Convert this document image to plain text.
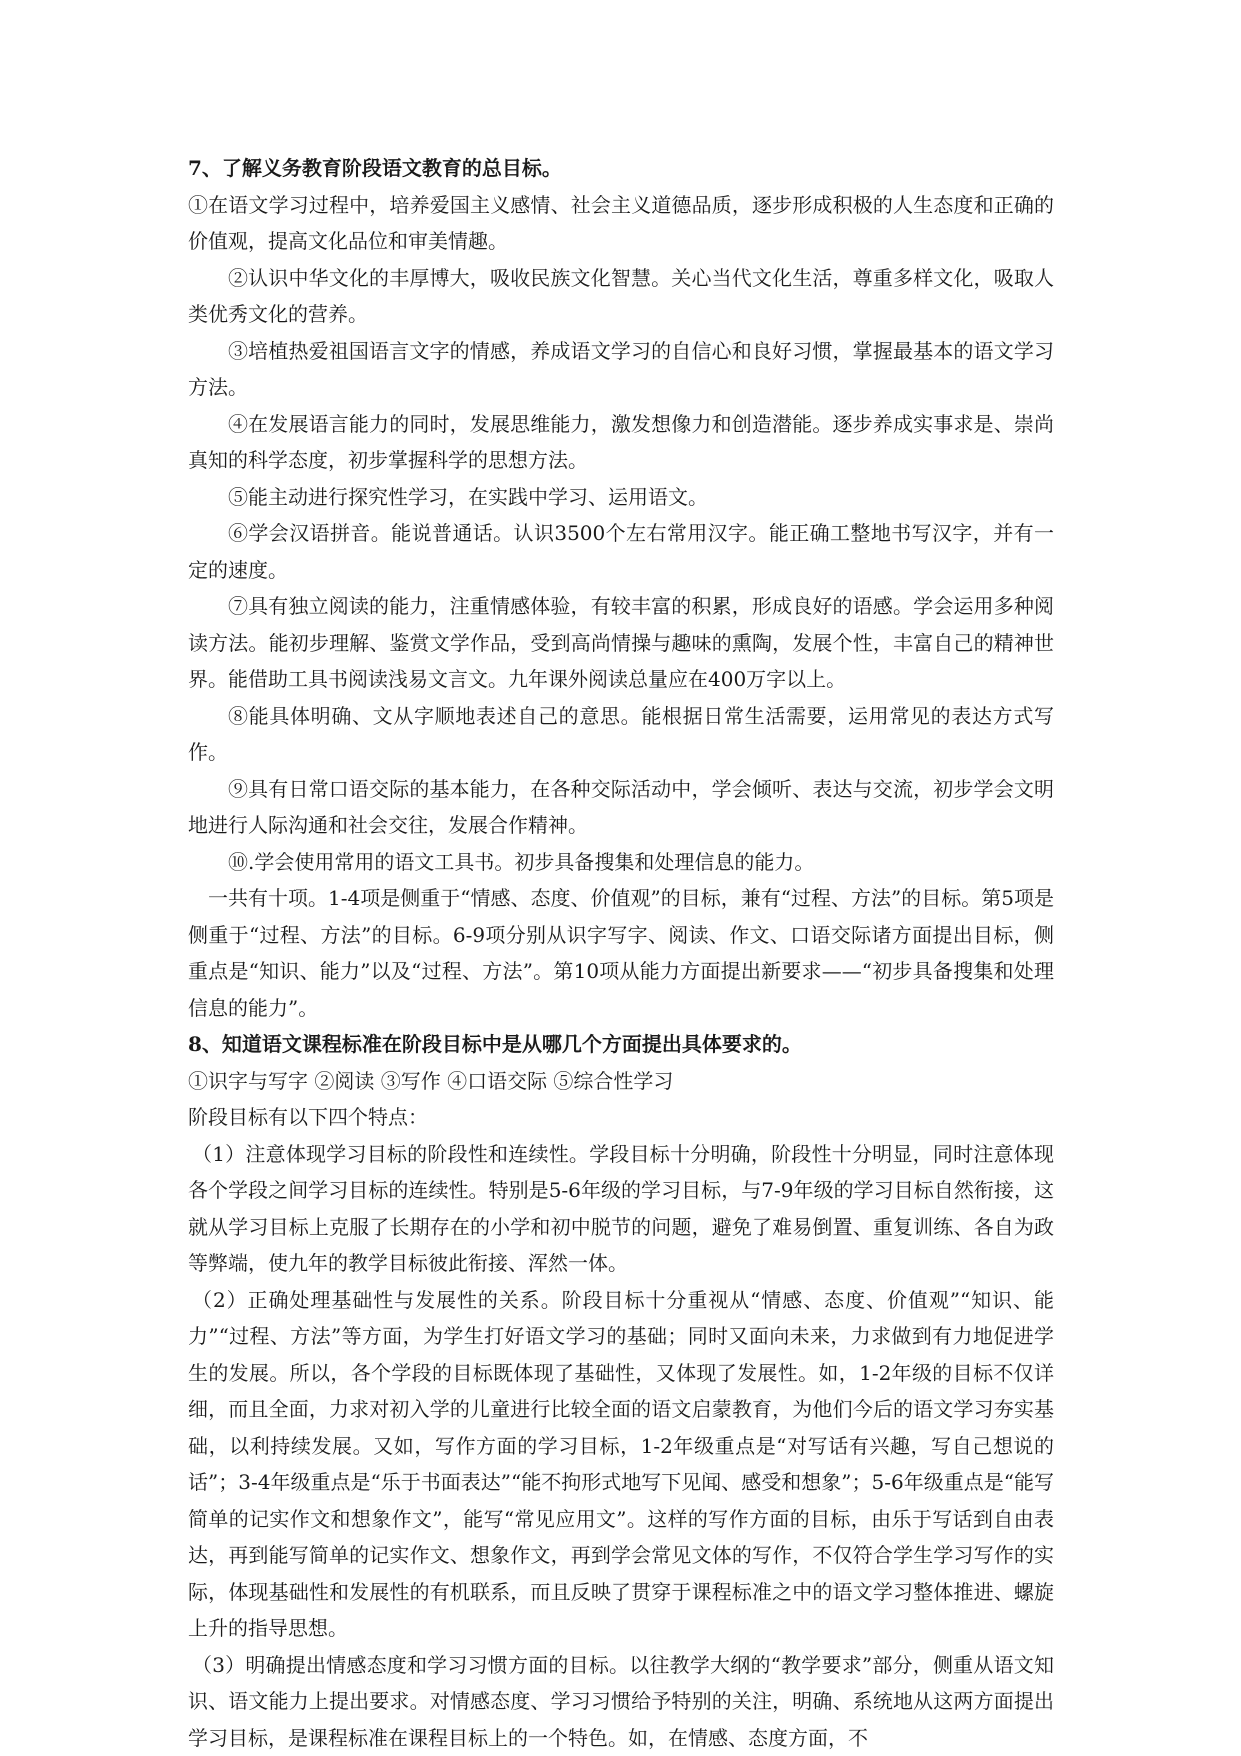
7、了解义务教育阶段语文教育的总目标。

①在语文学习过程中，培养爱国主义感情、社会主义道德品质，逐步形成积极的人生态度和正确的价值观，提高文化品位和审美情趣。

②认识中华文化的丰厚博大，吸收民族文化智慧。关心当代文化生活，尊重多样文化，吸取人类优秀文化的营养。

③培植热爱祖国语言文字的情感，养成语文学习的自信心和良好习惯，掌握最基本的语文学习方法。

④在发展语言能力的同时，发展思维能力，激发想像力和创造潜能。逐步养成实事求是、崇尚真知的科学态度，初步掌握科学的思想方法。

⑤能主动进行探究性学习，在实践中学习、运用语文。

⑥学会汉语拼音。能说普通话。认识3500个左右常用汉字。能正确工整地书写汉字，并有一定的速度。

⑦具有独立阅读的能力，注重情感体验，有较丰富的积累，形成良好的语感。学会运用多种阅读方法。能初步理解、鉴赏文学作品，受到高尚情操与趣味的熏陶，发展个性，丰富自己的精神世界。能借助工具书阅读浅易文言文。九年课外阅读总量应在400万字以上。

⑧能具体明确、文从字顺地表述自己的意思。能根据日常生活需要，运用常见的表达方式写作。

⑨具有日常口语交际的基本能力，在各种交际活动中，学会倾听、表达与交流，初步学会文明地进行人际沟通和社会交往，发展合作精神。

⑩.学会使用常用的语文工具书。初步具备搜集和处理信息的能力。

一共有十项。1-4项是侧重于“情感、态度、价值观”的目标，兼有“过程、方法”的目标。第5项是侧重于“过程、方法”的目标。6-9项分别从识字写字、阅读、作文、口语交际诸方面提出目标，侧重点是“知识、能力”以及“过程、方法”。第10项从能力方面提出新要求——“初步具备搜集和处理信息的能力”。

8、知道语文课程标准在阶段目标中是从哪几个方面提出具体要求的。

①识字与写字 ②阅读 ③写作 ④口语交际 ⑤综合性学习

阶段目标有以下四个特点：

（1）注意体现学习目标的阶段性和连续性。学段目标十分明确，阶段性十分明显，同时注意体现各个学段之间学习目标的连续性。特别是5-6年级的学习目标，与7-9年级的学习目标自然衔接，这就从学习目标上克服了长期存在的小学和初中脱节的问题，避免了难易倒置、重复训练、各自为政等弊端，使九年的教学目标彼此衔接、浑然一体。

（2）正确处理基础性与发展性的关系。阶段目标十分重视从“情感、态度、价值观”“知识、能力”“过程、方法”等方面，为学生打好语文学习的基础；同时又面向未来，力求做到有力地促进学生的发展。所以，各个学段的目标既体现了基础性，又体现了发展性。如，1-2年级的目标不仅详细，而且全面，力求对初入学的儿童进行比较全面的语文启蒙教育，为他们今后的语文学习夯实基础，以利持续发展。又如，写作方面的学习目标，1-2年级重点是“对写话有兴趣，写自己想说的话”；3-4年级重点是“乐于书面表达”“能不拘形式地写下见闻、感受和想象”；5-6年级重点是“能写简单的记实作文和想象作文”，能写“常见应用文”。这样的写作方面的目标，由乐于写话到自由表达，再到能写简单的记实作文、想象作文，再到学会常见文体的写作，不仅符合学生学习写作的实际，体现基础性和发展性的有机联系，而且反映了贯穿于课程标准之中的语文学习整体推进、螺旋上升的指导思想。

（3）明确提出情感态度和学习习惯方面的目标。以往教学大纲的“教学要求”部分，侧重从语文知识、语文能力上提出要求。对情感态度、学习习惯给予特别的关注，明确、系统地从这两方面提出学习目标，是课程标准在课程目标上的一个特色。如，在情感、态度方面，不
